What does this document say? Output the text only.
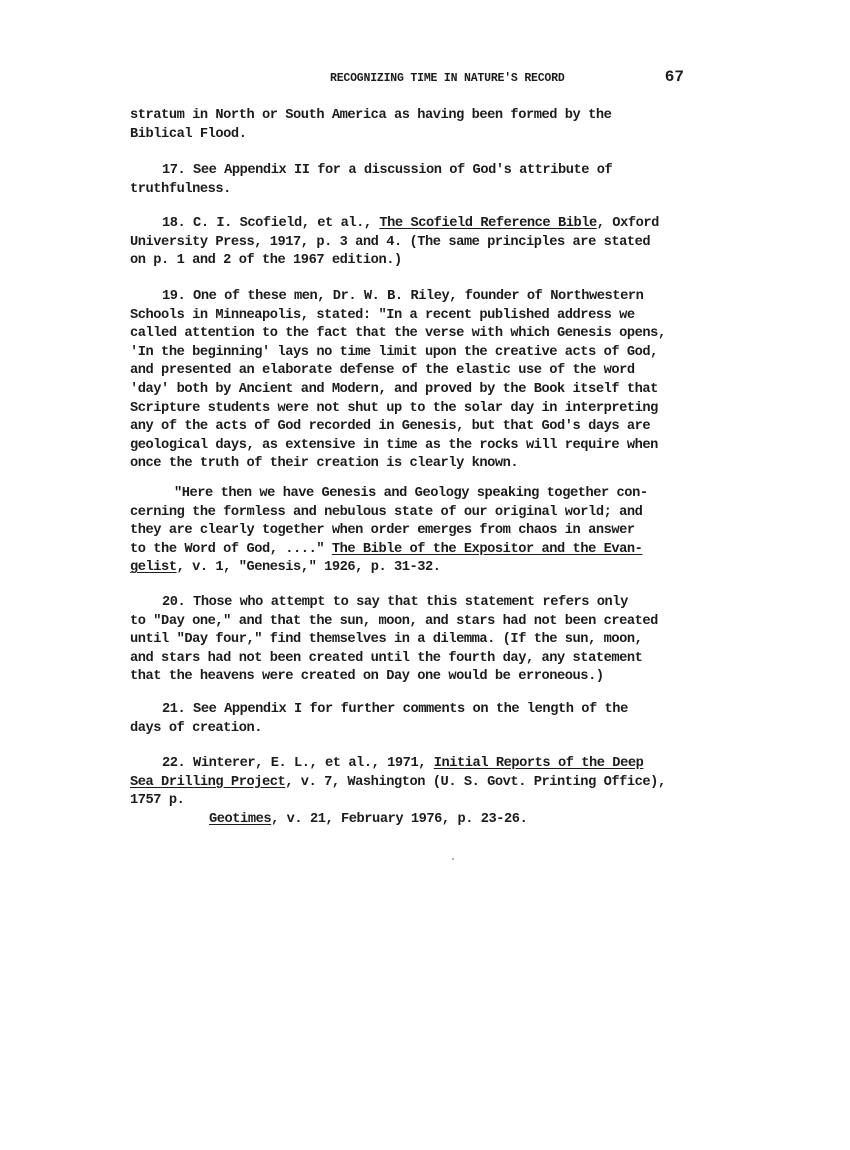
RECOGNIZING TIME IN NATURE'S RECORD	67
stratum in North or South America as having been formed by the
Biblical Flood.
17. See Appendix II for a discussion of God's attribute of
truthfulness.
18. C. I. Scofield, et al., The Scofield Reference Bible, Oxford
University Press, 1917, p. 3 and 4. (The same principles are stated
on p. 1 and 2 of the 1967 edition.)
19. One of these men, Dr. W. B. Riley, founder of Northwestern
Schools in Minneapolis, stated: "In a recent published address we
called attention to the fact that the verse with which Genesis opens,
'In the beginning' lays no time limit upon the creative acts of God,
and presented an elaborate defense of the elastic use of the word
'day' both by Ancient and Modern, and proved by the Book itself that
Scripture students were not shut up to the solar day in interpreting
any of the acts of God recorded in Genesis, but that God's days are
geological days, as extensive in time as the rocks will require when
once the truth of their creation is clearly known.
"Here then we have Genesis and Geology speaking together con-
cerning the formless and nebulous state of our original world; and
they are clearly together when order emerges from chaos in answer
to the Word of God, ...." The Bible of the Expositor and the Evan-
gelist, v. 1, "Genesis," 1926, p. 31-32.
20. Those who attempt to say that this statement refers only
to "Day one," and that the sun, moon, and stars had not been created
until "Day four," find themselves in a dilemma. (If the sun, moon,
and stars had not been created until the fourth day, any statement
that the heavens were created on Day one would be erroneous.)
21. See Appendix I for further comments on the length of the
days of creation.
22. Winterer, E. L., et al., 1971, Initial Reports of the Deep
Sea Drilling Project, v. 7, Washington (U. S. Govt. Printing Office),
1757 p.
Geotimes, v. 21, February 1976, p. 23-26.
